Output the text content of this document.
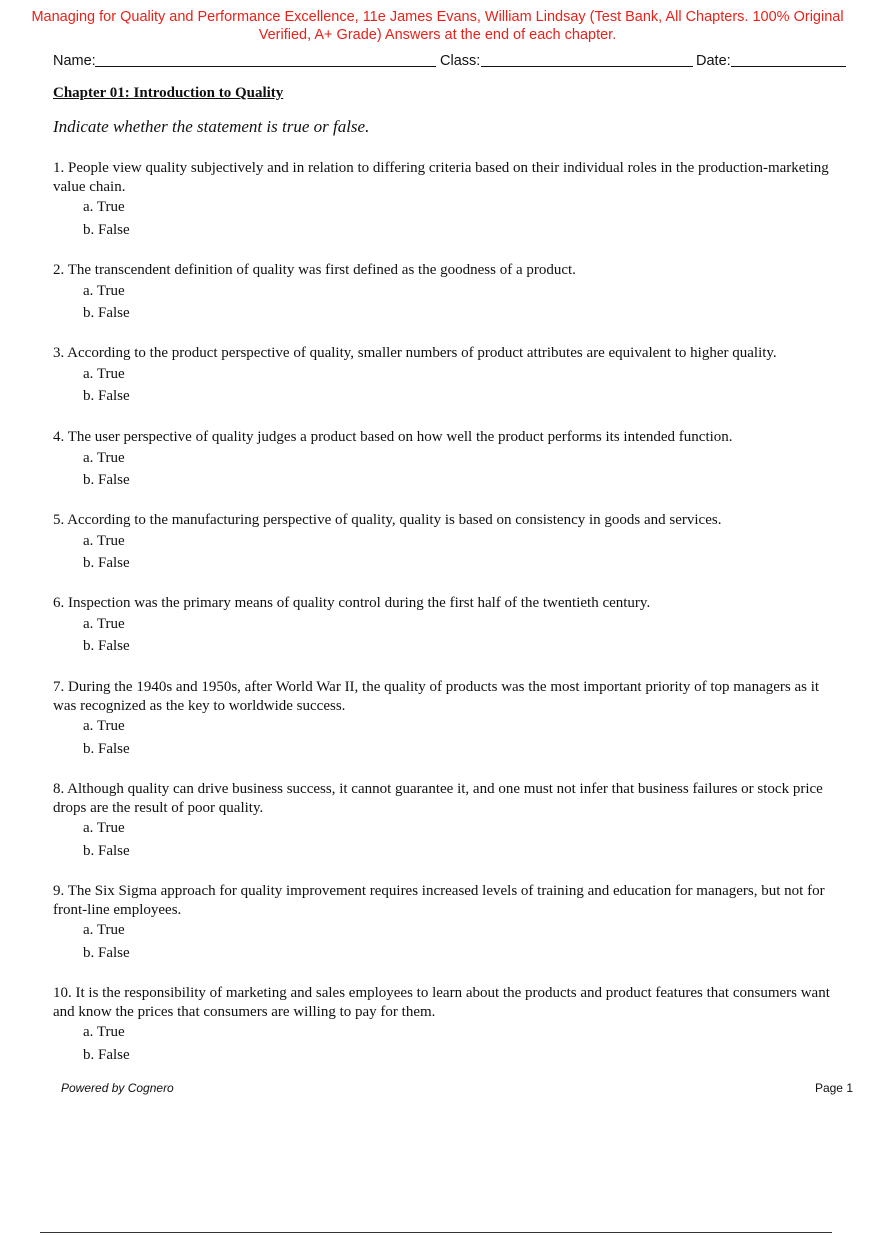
Managing for Quality and Performance Excellence, 11e James Evans, William Lindsay (Test Bank, All Chapters. 100% Original
Verified, A+ Grade) Answers at the end of each chapter.
Name:	Class:	Date:
Chapter 01: Introduction to Quality
Indicate whether the statement is true or false.

1. People view quality subjectively and in relation to differing criteria based on their individual roles in the production-marketing value chain.

a. True
b. False

2. The transcendent definition of quality was first defined as the goodness of a product.

a. True
b. False

3. According to the product perspective of quality, smaller numbers of product attributes are equivalent to higher quality.

a. True
b. False

4. The user perspective of quality judges a product based on how well the product performs its intended function.

a. True
b. False

5. According to the manufacturing perspective of quality, quality is based on consistency in goods and services.

a. True
b. False

6. Inspection was the primary means of quality control during the first half of the twentieth century.

a. True
b. False

7. During the 1940s and 1950s, after World War II, the quality of products was the most important priority of top managers as it was recognized as the key to worldwide success.

a. True
b. False

8. Although quality can drive business success, it cannot guarantee it, and one must not infer that business failures or stock price drops are the result of poor quality.

a. True
b. False

9. The Six Sigma approach for quality improvement requires increased levels of training and education for managers, but not for front-line employees.

a. True
b. False

10. It is the responsibility of marketing and sales employees to learn about the products and product features that consumers want and know the prices that consumers are willing to pay for them.

a. True
b. False
Powered by Cognero	Page 1
